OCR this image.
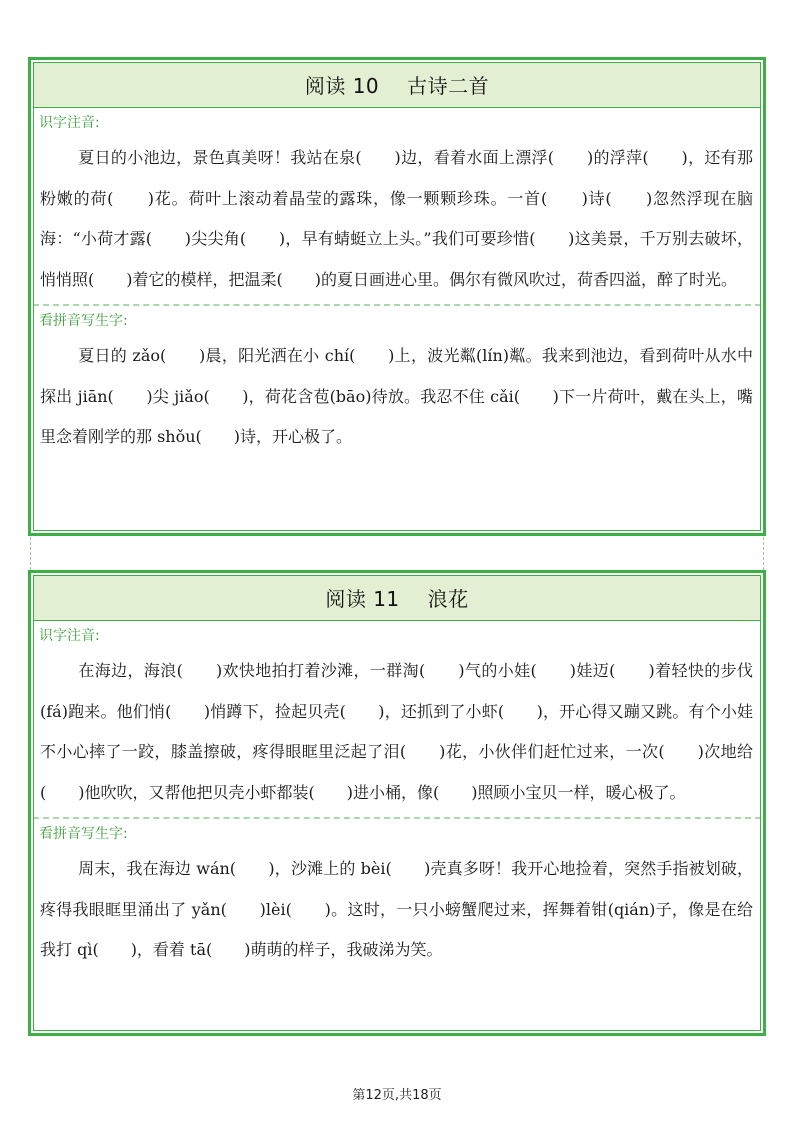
阅读 10 古诗二首
识字注音:
夏日的小池边，景色真美呀！我站在泉(　　)边，看着水面上漂浮(　　)的浮萍(　　)，还有那粉嫩的荷(　　)花。荷叶上滚动着晶莹的露珠，像一颗颗珍珠。一首(　　)诗(　　)忽然浮现在脑海：“小荷才露(　　)尖尖角(　　)，早有蜻蜓立上头。”我们可要珍惜(　　)这美景，千万别去破坏，悄悄照(　　)着它的模样，把温柔(　　)的夏日画进心里。偶尔有微风吹过，荷香四溢，醉了时光。
看拼音写生字:
夏日的 zǎo(　　)晨，阳光洒在小 chí(　　)上，波光粼(lín)粼。我来到池边，看到荷叶从水中探出 jiān(　　)尖 jiǎo(　　)，荷花含苞(bāo)待放。我忍不住 cǎi(　　)下一片荷叶，戴在头上，嘴里念着刚学的那 shǒu(　　)诗，开心极了。
阅读 11 浪花
识字注音:
在海边，海浪(　　)欢快地拍打着沙滩，一群淘(　　)气的小娃(　　)娃迈(　　)着轻快的步伐(fá)跑来。他们悄(　　)悄蹲下，捡起贝壳(　　)，还抓到了小虾(　　)，开心得又蹦又跳。有个小娃不小心摔了一跤，膝盖擦破，疼得眼眶里泛起了泪(　　)花，小伙伴们赶忙过来，一次(　　)次地给(　　)他吹吹，又帮他把贝壳小虾都装(　　)进小桶，像(　　)照顾小宝贝一样，暖心极了。
看拼音写生字:
周末，我在海边 wán(　　)，沙滩上的 bèi(　　)壳真多呀！我开心地捡着，突然手指被划破，疼得我眼眶里涌出了 yǎn(　　)lèi(　　)。这时，一只小螃蟹爬过来，挥舞着钳(qián)子，像是在给我打 qì(　　)，看着 tā(　　)萌萌的样子，我破涕为笑。
第12页,共18页
